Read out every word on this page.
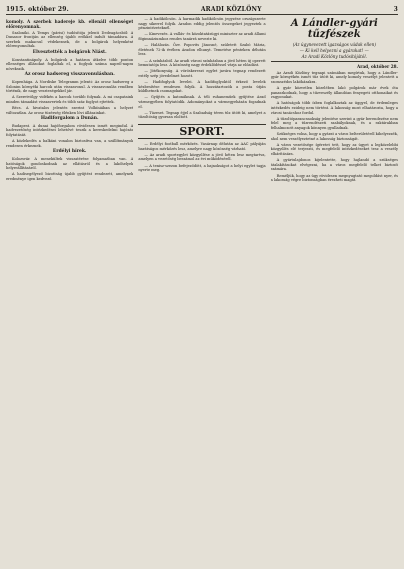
1915. október 29.	ARADI KÖZLÖNY	3

komoly. A szerbek hadereje kb. ellenáll ellenséget előrenyomnak.

Szaloniki. A Temps (párisi) tudósítója jelenti Dedeagácsból: A Dunasor frontján az ellenség újabb erőkkel indult támadásra. A szerbek makacsul védekeznek, de a bolgárok helyenként előrenyomultak.

Elvesztették a bolgárok Niást.

Konstantinápoly. A bolgárok a határon átkelve több ponton ellenséges állásokat foglaltak el, a foglyok száma napról-napra növekszik.

Az orosz hadsereg visszavonulásban.

Kopenhága. A Nordiske Telegramm jelenti: Az orosz hadsereg a Szlonim környéki harcok után visszavonul. A visszavonulás rendben történik, de nagy veszteségekkel jár.

A Szeretvölgy vidékén a harcok tovább folynak. A mi csapataink minden támadást visszavertek és több száz foglyot ejtettek.

Bécs. A hivatalos jelentés szerint Volhíniában a helyzet változatlan. Az orosz tüzérség élénken lövi állásainkat.

Hadiforgalom a Dunán.

Budapest. A dunai hajóforgalom rövidesen ismét megindul. A hadvezetőség intézkedései lehetővé teszik a kereskedelmi hajózás folytatását.

A közlekedés a balkáni vonalon biztosítva van, a szállítmányok rendesen érkeznek.

Erdélyi hírek.

Kolozsvár. A menekültek visszatérése folyamatban van. A hatóságok gondoskodnak az ellátásról és a lakóhelyek helyreállításáról.

A hadisegélyező bizottság újabb gyűjtést rendezett, amelynek eredménye igen kedvező.

— A hadikölcsön. A harmadik hadikölcsön jegyzése országszerte nagy sikerrel folyik. Aradon eddig jelentős összegeket jegyeztek a pénzintézeteknél.

— Kinevezés. A vallás- és közoktatásügyi miniszter az aradi állami főgimnáziumhoz rendes tanárrá nevezte ki.

— Halálozás. Özv. Popovits Jánosné, született Szabó Mária, életének 72-ik évében Aradon elhunyt. Temetése pénteken délután lesz.

— A színházból. Az aradi városi színházban a jövő héten új operett bemutatója lesz. A közönség nagy érdeklődéssel várja az előadást.

— Jótékonyság. A vöröskereszt egylet javára tegnap rendezett estély szép jövedelmet hozott.

— Hadifoglyok levelei. A hadifoglyoktól érkező levelek kézbesítése rendesen folyik. A hozzátartozók a posta útján küldhetnek csomagokat.

— Gyűjtés a katonáknak. A téli ruhaneműek gyűjtése Arad vármegyében folytatódik. Adományokat a vármegyeházán fogadnak el.

— Tüzeset. Tegnap éjjel a Szabadság téren tűz ütött ki, amelyet a tűzoltóság gyorsan eloltott.

SPORT.

— Erdélyi football mérkőzés. Vasárnap délután az AAC pályáján barátságos mérkőzés lesz, amelyre nagy közönség várható.

— Az aradi sportegylet közgyűlése a jövő héten lesz megtartva, amelyen a vezetőség beszámol az évi működéséről.

— A tenisz-szezon befejeződött, a bajnokságot a helyi egylet tagja nyerte meg.

A Lándler-gyári tűzfészek
(Az úgynevezett igazságos vádak ellen)
— Ki kell helyezni a gyárakat! —
Az Aradi Közlöny tudósítójától.

Arad, október 28.

Az Aradi Közlöny tegnapi számában megírtuk, hogy a Lándler-gyár környékén ismét tűz ütött ki, amely komoly veszélyt jelentett a szomszédos lakóházakra.

A gyár közvetlen közelében lakó polgárok már évek óta panaszkodnak, hogy a tűzveszély állandóan fenyegeti otthonaikat és vagyonukat.

A hatóságok több ízben foglalkoztak az üggyel, de érdemleges intézkedés ezideig nem történt. A lakosság most elhatározta, hogy a városi tanácshoz fordul.

A tűzoltóparancsnokság jelentése szerint a gyár berendezése nem felel meg a tűzrendészeti szabályoknak, és a raktárakban felhalmozott anyagok könnyen gyulladnak.

Szükséges volna, hogy a gyárat a város belterületéről kihelyezzék, ahol nem veszélyeztetné a lakosság biztonságát.

A város vezetősége ígéretet tett, hogy az ügyet a legközelebbi közgyűlés elé terjeszti, és megfelelő intézkedéseket tesz a veszély elhárítására.

A gyártulajdonos kijelentette, hogy hajlandó a szükséges átalakításokat elvégezni, ha a város megfelelő telket biztosít számára.

Reméljük, hogy az ügy rövidesen megnyugtató megoldást nyer, és a lakosság végre biztonságban érezheti magát.
